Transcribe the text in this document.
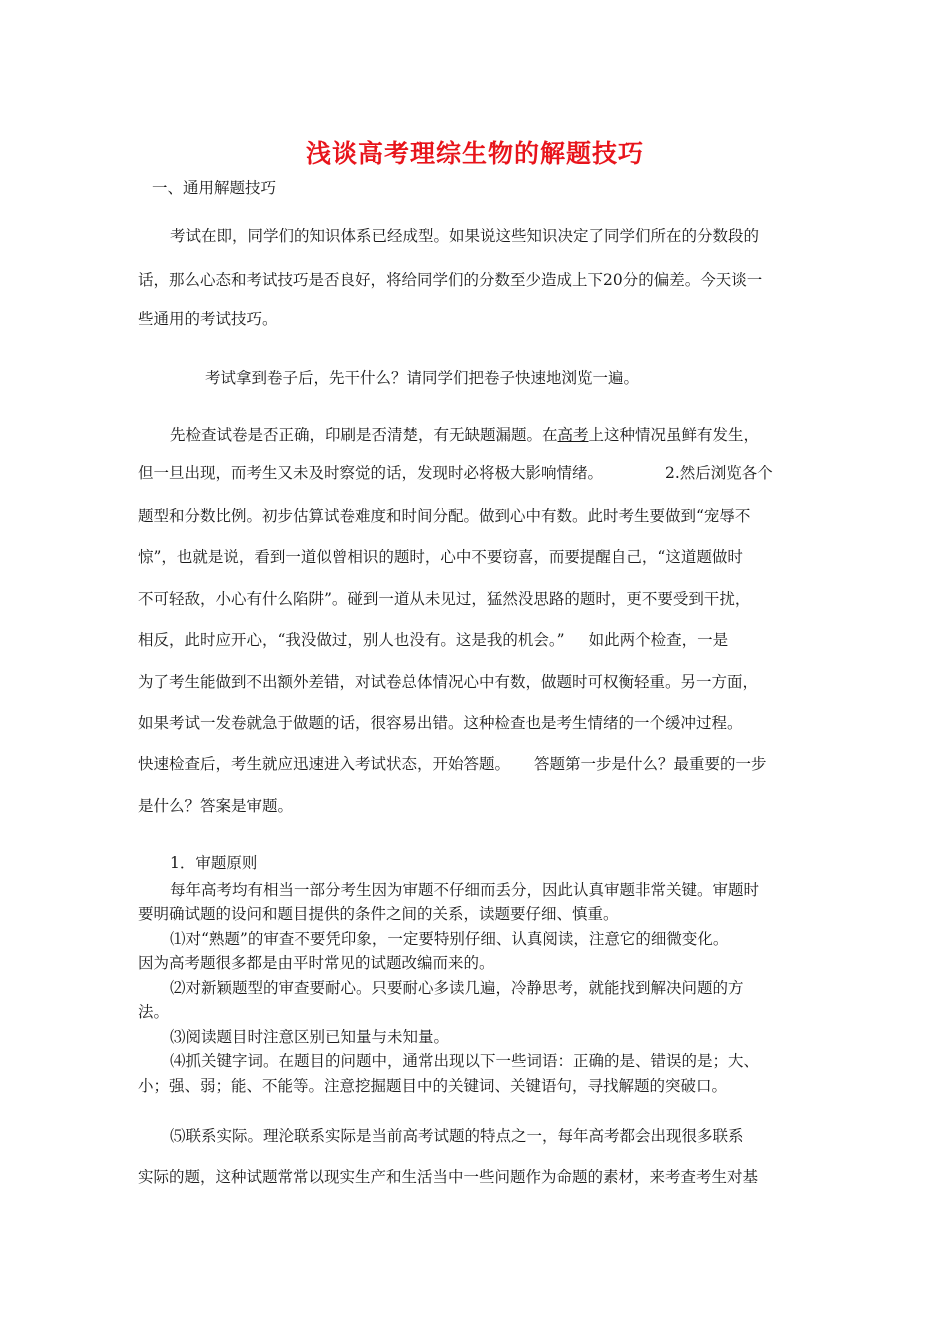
浅谈高考理综生物的解题技巧
一、通用解题技巧
考试在即，同学们的知识体系已经成型。如果说这些知识决定了同学们所在的分数段的
话，那么心态和考试技巧是否良好，将给同学们的分数至少造成上下20分的偏差。今天谈一
些通用的考试技巧。
考试拿到卷子后，先干什么？请同学们把卷子快速地浏览一遍。
先检查试卷是否正确，印刷是否清楚，有无缺题漏题。在高考上这种情况虽鲜有发生，
但一旦出现，而考生又未及时察觉的话，发现时必将极大影响情绪。	2.然后浏览各个
题型和分数比例。初步估算试卷难度和时间分配。做到心中有数。此时考生要做到“宠辱不
惊”，也就是说，看到一道似曾相识的题时，心中不要窃喜，而要提醒自己，“这道题做时
不可轻敌，小心有什么陷阱”。碰到一道从未见过，猛然没思路的题时，更不要受到干扰，
相反，此时应开心，“我没做过，别人也没有。这是我的机会。” 如此两个检查，一是
为了考生能做到不出额外差错，对试卷总体情况心中有数，做题时可权衡轻重。另一方面，
如果考试一发卷就急于做题的话，很容易出错。这种检查也是考生情绪的一个缓冲过程。
快速检查后，考生就应迅速进入考试状态，开始答题。 答题第一步是什么？最重要的一步
是什么？答案是审题。
1．审题原则
每年高考均有相当一部分考生因为审题不仔细而丢分，因此认真审题非常关键。审题时
要明确试题的设问和题目提供的条件之间的关系，读题要仔细、慎重。
⑴对“熟题”的审查不要凭印象，一定要特别仔细、认真阅读，注意它的细微变化。
因为高考题很多都是由平时常见的试题改编而来的。
⑵对新颖题型的审查要耐心。只要耐心多读几遍，冷静思考，就能找到解决问题的方
法。
⑶阅读题目时注意区别已知量与未知量。
⑷抓关键字词。在题目的问题中，通常出现以下一些词语：正确的是、错误的是；大、
小；强、弱；能、不能等。注意挖掘题目中的关键词、关键语句，寻找解题的突破口。
⑸联系实际。理沦联系实际是当前高考试题的特点之一，每年高考都会出现很多联系
实际的题，这种试题常常以现实生产和生活当中一些问题作为命题的素材，来考查考生对基
